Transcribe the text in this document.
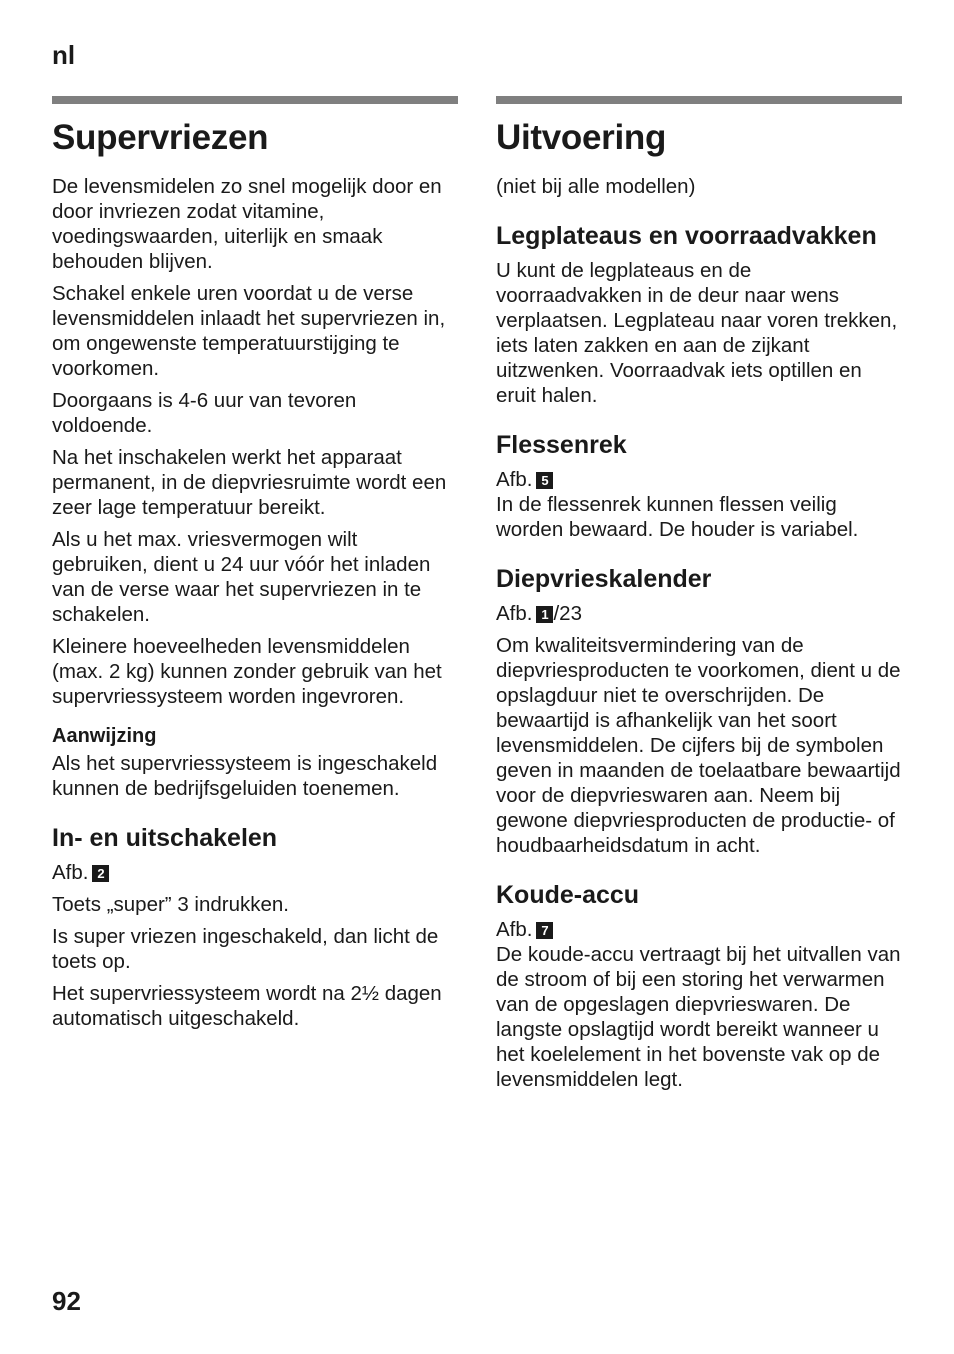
nl
Supervriezen

De levensmidelen zo snel mogelijk door en door invriezen zodat vitamine, voedingswaarden, uiterlijk en smaak behouden blijven.

Schakel enkele uren voordat u de verse levensmiddelen inlaadt het supervriezen in, om ongewenste temperatuurstijging te voorkomen.

Doorgaans is 4-6 uur van tevoren voldoende.

Na het inschakelen werkt het apparaat permanent, in de diepvriesruimte wordt een zeer lage temperatuur bereikt.

Als u het max. vriesvermogen wilt gebruiken, dient u 24 uur vóór het inladen van de verse waar het supervriezen in te schakelen.

Kleinere hoeveelheden levensmiddelen (max. 2 kg) kunnen zonder gebruik van het supervriessysteem worden ingevroren.

Aanwijzing

Als het supervriessysteem is ingeschakeld kunnen de bedrijfsgeluiden toenemen.

In- en uitschakelen

Afb. 2

Toets „super” 3 indrukken.

Is super vriezen ingeschakeld, dan licht de toets op.

Het supervriessysteem wordt na 2½ dagen automatisch uitgeschakeld.

Uitvoering

(niet bij alle modellen)

Legplateaus en voorraadvakken

U kunt de legplateaus en de voorraadvakken in de deur naar wens verplaatsen. Legplateau naar voren trekken, iets laten zakken en aan de zijkant uitzwenken. Voorraadvak iets optillen en eruit halen.

Flessenrek

Afb. 5

In de flessenrek kunnen flessen veilig worden bewaard. De houder is variabel.

Diepvrieskalender

Afb. 1 /23

Om kwaliteitsvermindering van de diepvriesproducten te voorkomen, dient u de opslagduur niet te overschrijden. De bewaartijd is afhankelijk van het soort levensmiddelen. De cijfers bij de symbolen geven in maanden de toelaatbare bewaartijd voor de diepvrieswaren aan. Neem bij gewone diepvriesproducten de productie- of houdbaarheidsdatum in acht.

Koude-accu

Afb. 7

De koude-accu vertraagt bij het uitvallen van de stroom of bij een storing het verwarmen van de opgeslagen diepvrieswaren. De langste opslagtijd wordt bereikt wanneer u het koelelement in het bovenste vak op de levensmiddelen legt.

92
